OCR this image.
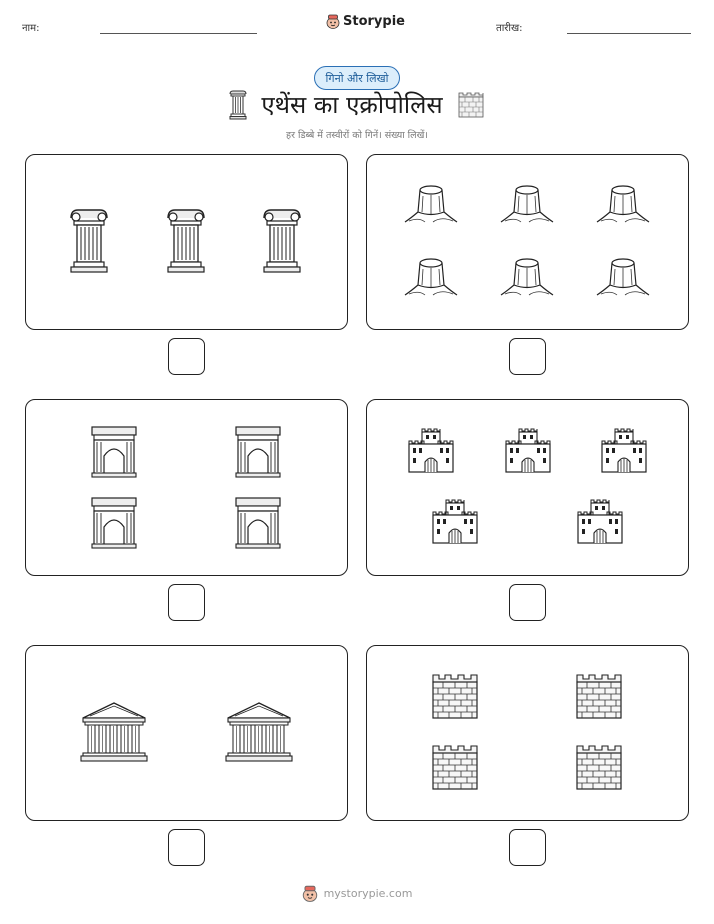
नाम:	Storypie	तारीख:
गिनो और लिखो
एथेंस का एक्रोपोलिस
हर डिब्बे में तस्वीरों को गिनें। संख्या लिखें।
mystorypie.com
